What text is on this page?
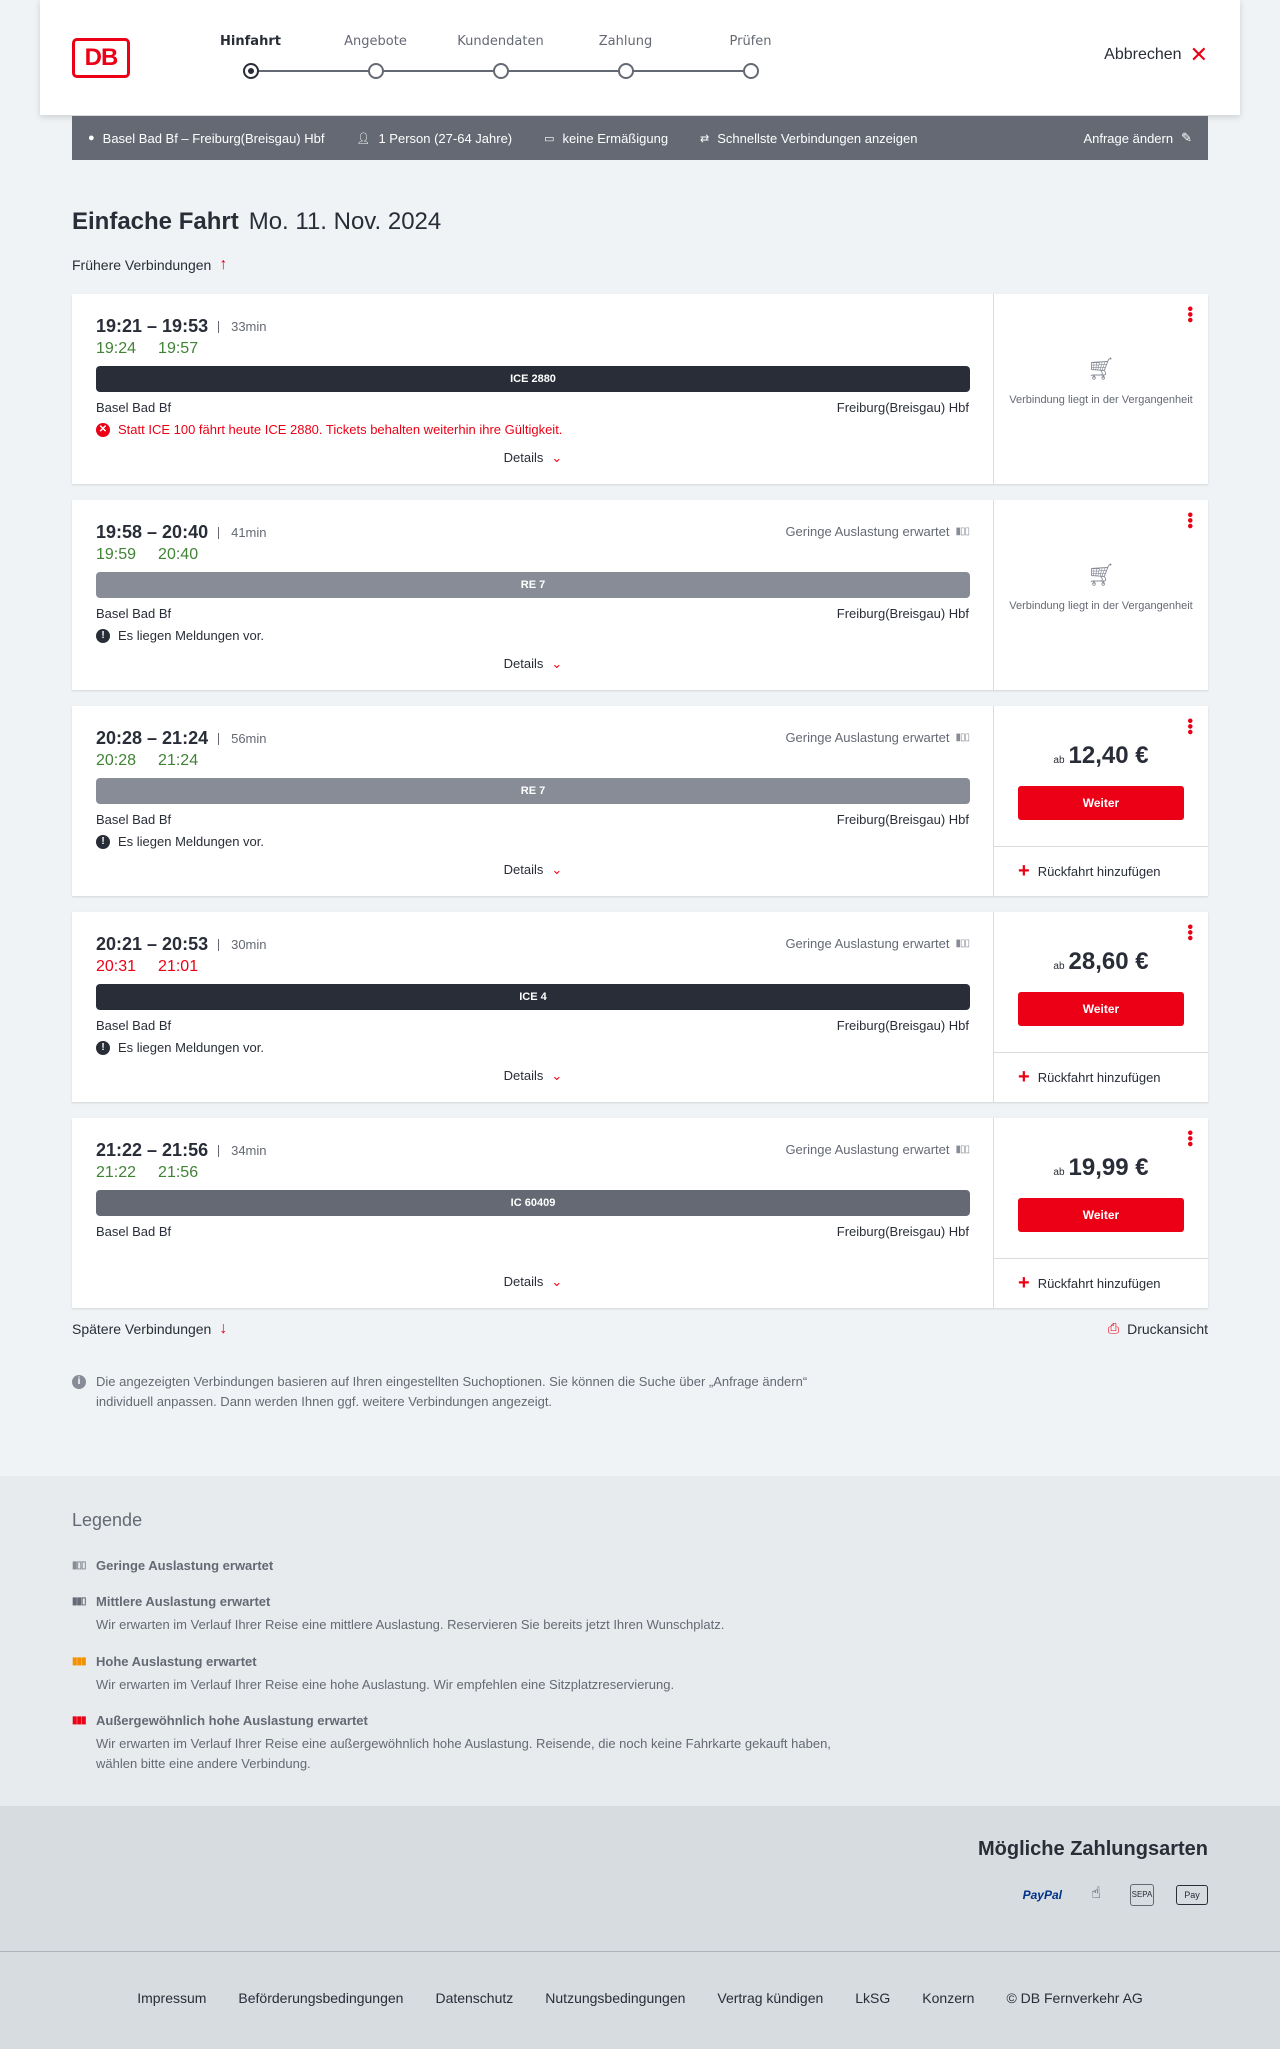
DB
Hinfahrt	Angebote	Kundendaten	Zahlung	Prüfen
Abbrechen ✕
● Basel Bad Bf – Freiburg(Breisgau) Hbf	👤︎ 1 Person (27-64 Jahre)	▭ keine Ermäßigung	⇄ Schnellste Verbindungen anzeigen	Anfrage ändern ✎
Einfache Fahrt Mo. 11. Nov. 2024
Frühere Verbindungen ↑
19:21 – 19:53	33min
19:24 19:57
ICE 2880
Basel Bad Bf	Freiburg(Breisgau) Hbf
✕ Statt ICE 100 fährt heute ICE 2880. Tickets behalten weiterhin ihre Gültigkeit.
Details ⌄
•••
🛒︎
Verbindung liegt in der Vergangenheit
19:58 – 20:40	41min
19:59 20:40
Geringe Auslastung erwartet ▮▯▯
RE 7
Basel Bad Bf	Freiburg(Breisgau) Hbf
!	Es liegen Meldungen vor.
Details ⌄
•••
🛒︎
Verbindung liegt in der Vergangenheit
20:28 – 21:24	56min
20:28 21:24
Geringe Auslastung erwartet ▮▯▯
RE 7
Basel Bad Bf	Freiburg(Breisgau) Hbf
!	Es liegen Meldungen vor.
Details ⌄
•••
ab 12,40 €
Weiter
+ Rückfahrt hinzufügen
20:21 – 20:53	30min
20:31 21:01
Geringe Auslastung erwartet ▮▯▯
ICE 4
Basel Bad Bf	Freiburg(Breisgau) Hbf
!	Es liegen Meldungen vor.
Details ⌄
•••
ab 28,60 €
Weiter
+ Rückfahrt hinzufügen
21:22 – 21:56	34min
21:22 21:56
Geringe Auslastung erwartet ▮▯▯
IC 60409
Basel Bad Bf	Freiburg(Breisgau) Hbf
Details ⌄
•••
ab 19,99 €
Weiter
+ Rückfahrt hinzufügen
Spätere Verbindungen ↓	⎙ Druckansicht
i	Die angezeigten Verbindungen basieren auf Ihren eingestellten Suchoptionen. Sie können die Suche über „Anfrage ändern“ individuell anpassen. Dann werden Ihnen ggf. weitere Verbindungen angezeigt.
Legende
▮▯▯ Geringe Auslastung erwartet
▮▮▯ Mittlere Auslastung erwartet
Wir erwarten im Verlauf Ihrer Reise eine mittlere Auslastung. Reservieren Sie bereits jetzt Ihren Wunschplatz.
▮▮▮ Hohe Auslastung erwartet
Wir erwarten im Verlauf Ihrer Reise eine hohe Auslastung. Wir empfehlen eine Sitzplatzreservierung.
▮▮▮ Außergewöhnlich hohe Auslastung erwartet
Wir erwarten im Verlauf Ihrer Reise eine außergewöhnlich hohe Auslastung. Reisende, die noch keine Fahrkarte gekauft haben, wählen bitte eine andere Verbindung.
Mögliche Zahlungsarten
PayPal	☝︎	SEPA	Pay
Impressum Beförderungsbedingungen Datenschutz Nutzungsbedingungen Vertrag kündigen LkSG Konzern © DB Fernverkehr AG
